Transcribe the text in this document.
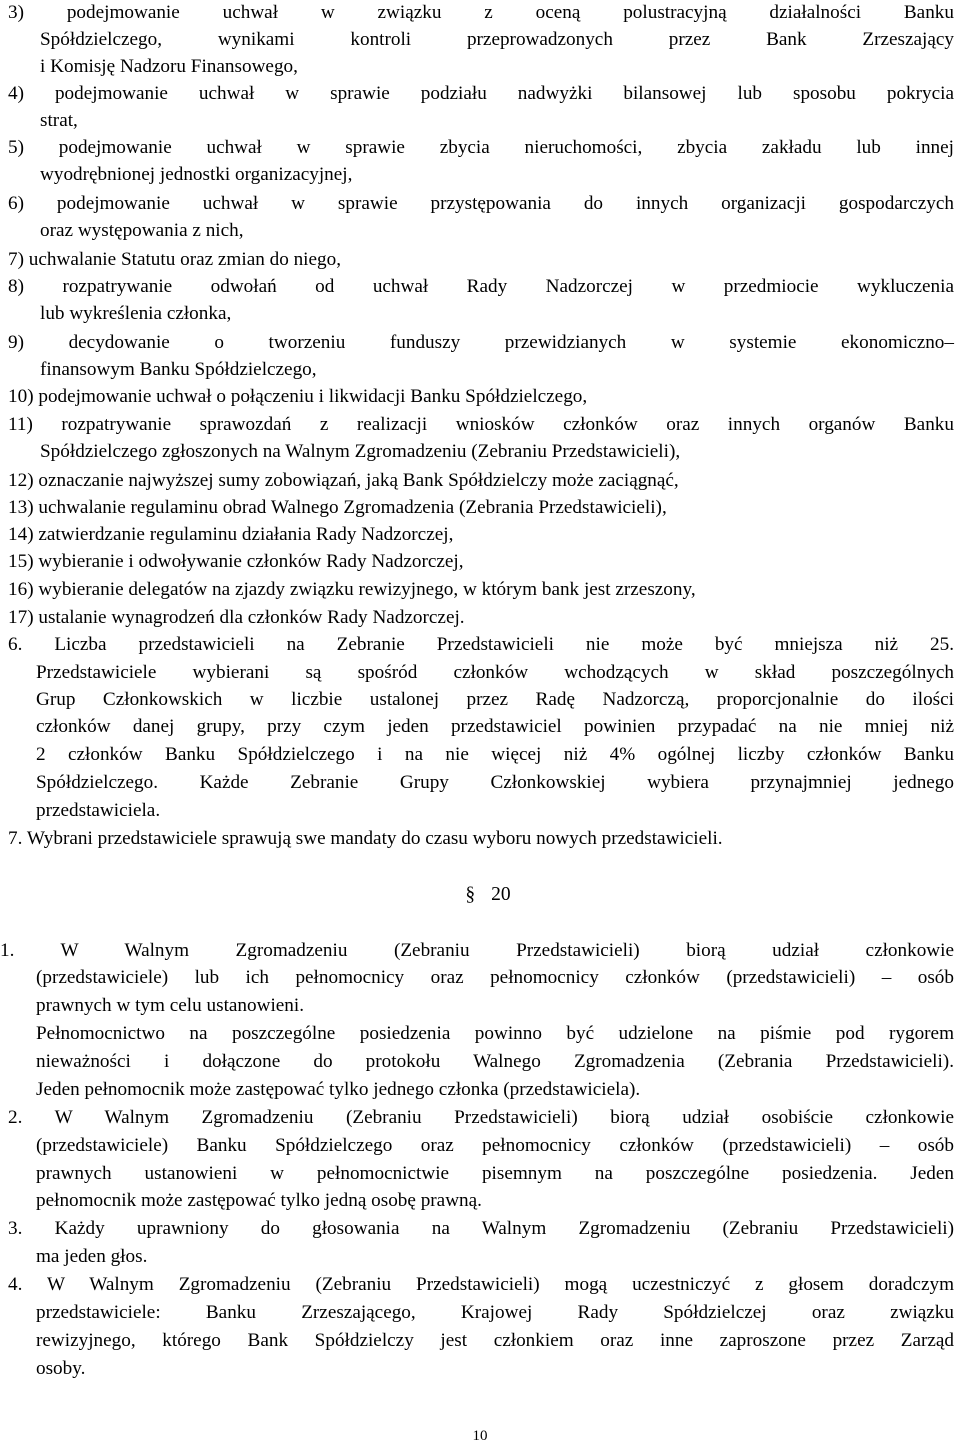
3) podejmowanie uchwał w związku z oceną polustracyjną działalności Banku
Spółdzielczego, wynikami kontroli przeprowadzonych przez Bank Zrzeszający
i Komisję Nadzoru Finansowego,
4) podejmowanie uchwał w sprawie podziału nadwyżki bilansowej lub sposobu pokrycia
strat,
5) podejmowanie uchwał w sprawie zbycia nieruchomości, zbycia zakładu lub innej
wyodrębnionej jednostki organizacyjnej,
6) podejmowanie uchwał w sprawie przystępowania do innych organizacji gospodarczych
oraz występowania z nich,
7) uchwalanie Statutu oraz zmian do niego,
8) rozpatrywanie odwołań od uchwał Rady Nadzorczej w przedmiocie wykluczenia
lub wykreślenia członka,
9) decydowanie o tworzeniu funduszy przewidzianych w systemie ekonomiczno–
finansowym Banku Spółdzielczego,
10) podejmowanie uchwał o połączeniu i likwidacji Banku Spółdzielczego,
11) rozpatrywanie sprawozdań z realizacji wniosków członków oraz innych organów Banku
Spółdzielczego zgłoszonych na Walnym Zgromadzeniu (Zebraniu Przedstawicieli),
12) oznaczanie najwyższej sumy zobowiązań, jaką Bank Spółdzielczy może zaciągnąć,
13) uchwalanie regulaminu obrad Walnego Zgromadzenia (Zebrania Przedstawicieli),
14) zatwierdzanie regulaminu działania Rady Nadzorczej,
15) wybieranie i odwoływanie członków Rady Nadzorczej,
16) wybieranie delegatów na zjazdy związku rewizyjnego, w którym bank jest zrzeszony,
17) ustalanie wynagrodzeń dla członków Rady Nadzorczej.
6. Liczba przedstawicieli na Zebranie Przedstawicieli nie może być mniejsza niż 25.
Przedstawiciele wybierani są spośród członków wchodzących w skład poszczególnych
Grup Członkowskich w liczbie ustalonej przez Radę Nadzorczą, proporcjonalnie do ilości
członków danej grupy, przy czym jeden przedstawiciel powinien przypadać na nie mniej niż
2 członków Banku Spółdzielczego i na nie więcej niż 4% ogólnej liczby członków Banku
Spółdzielczego. Każde Zebranie Grupy Członkowskiej wybiera przynajmniej jednego
przedstawiciela.
7. Wybrani przedstawiciele sprawują swe mandaty do czasu wyboru nowych przedstawicieli.
1. W Walnym Zgromadzeniu (Zebraniu Przedstawicieli) biorą udział członkowie
(przedstawiciele) lub ich pełnomocnicy oraz pełnomocnicy członków (przedstawicieli) – osób
prawnych w tym celu ustanowieni.
Pełnomocnictwo na poszczególne posiedzenia powinno być udzielone na piśmie pod rygorem
nieważności i dołączone do protokołu Walnego Zgromadzenia (Zebrania Przedstawicieli).
Jeden pełnomocnik może zastępować tylko jednego członka (przedstawiciela).
2. W Walnym Zgromadzeniu (Zebraniu Przedstawicieli) biorą udział osobiście członkowie
(przedstawiciele) Banku Spółdzielczego oraz pełnomocnicy członków (przedstawicieli) – osób
prawnych ustanowieni w pełnomocnictwie pisemnym na poszczególne posiedzenia. Jeden
pełnomocnik może zastępować tylko jedną osobę prawną.
3. Każdy uprawniony do głosowania na Walnym Zgromadzeniu (Zebraniu Przedstawicieli)
ma jeden głos.
4. W Walnym Zgromadzeniu (Zebraniu Przedstawicieli) mogą uczestniczyć z głosem doradczym
przedstawiciele: Banku Zrzeszającego, Krajowej Rady Spółdzielczej oraz związku
rewizyjnego, którego Bank Spółdzielczy jest członkiem oraz inne zaproszone przez Zarząd
osoby.
§ 20
10
